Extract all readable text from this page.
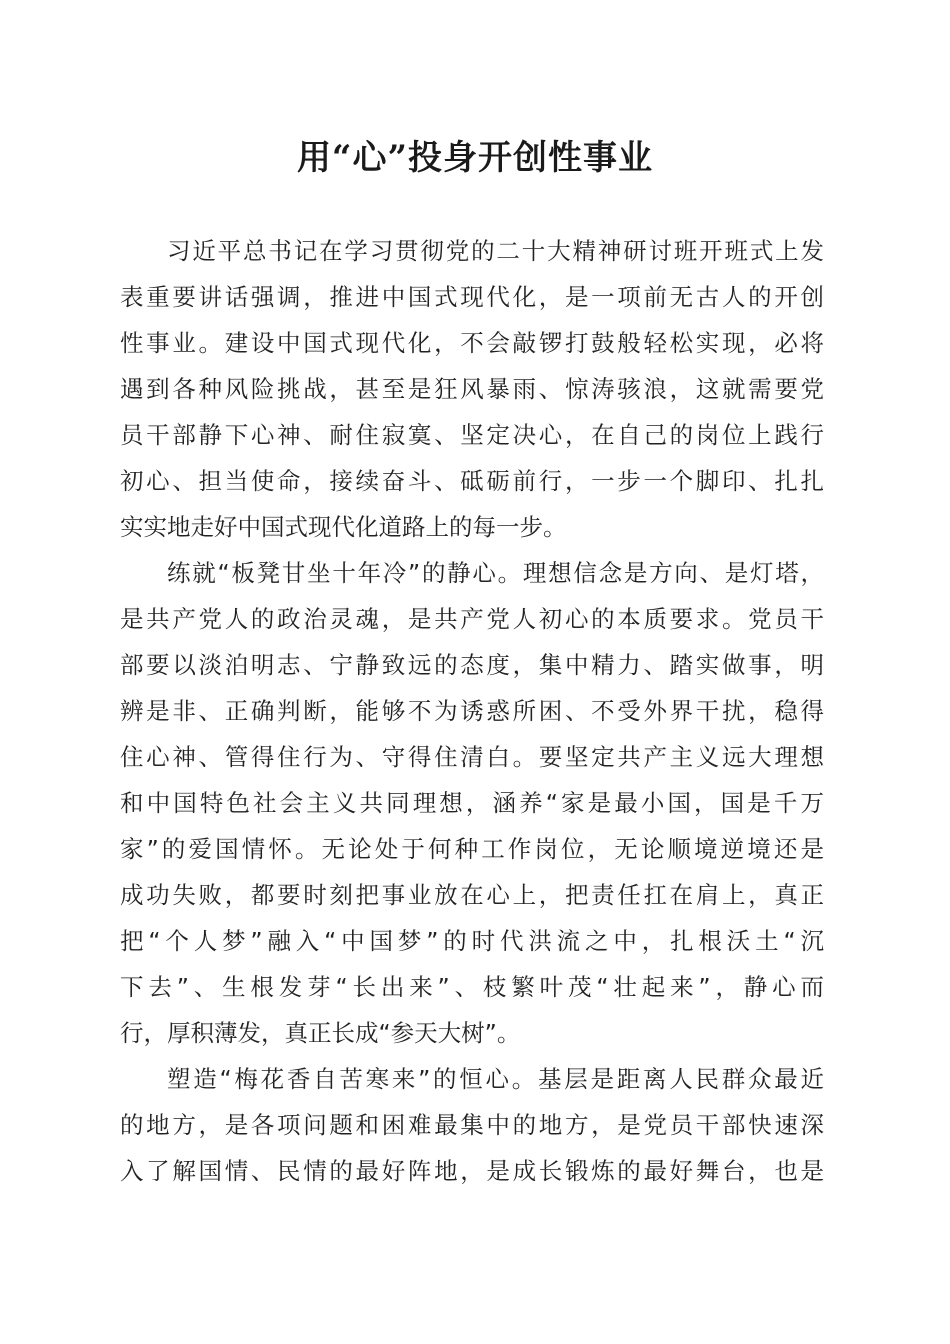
用“心”投身开创性事业
习近平总书记在学习贯彻党的二十大精神研讨班开班式上发
表重要讲话强调，推进中国式现代化，是一项前无古人的开创
性事业。建设中国式现代化，不会敲锣打鼓般轻松实现，必将
遇到各种风险挑战，甚至是狂风暴雨、惊涛骇浪，这就需要党
员干部静下心神、耐住寂寞、坚定决心，在自己的岗位上践行
初心、担当使命，接续奋斗、砥砺前行，一步一个脚印、扎扎
实实地走好中国式现代化道路上的每一步。
练就“板凳甘坐十年冷”的静心。理想信念是方向、是灯塔，
是共产党人的政治灵魂，是共产党人初心的本质要求。党员干
部要以淡泊明志、宁静致远的态度，集中精力、踏实做事，明
辨是非、正确判断，能够不为诱惑所困、不受外界干扰，稳得
住心神、管得住行为、守得住清白。要坚定共产主义远大理想
和中国特色社会主义共同理想，涵养“家是最小国，国是千万
家”的爱国情怀。无论处于何种工作岗位，无论顺境逆境还是
成功失败，都要时刻把事业放在心上，把责任扛在肩上，真正
把“个人梦”融入“中国梦”的时代洪流之中，扎根沃土“沉
下去”、生根发芽“长出来”、枝繁叶茂“壮起来”，静心而
行，厚积薄发，真正长成“参天大树”。
塑造“梅花香自苦寒来”的恒心。基层是距离人民群众最近
的地方，是各项问题和困难最集中的地方，是党员干部快速深
入了解国情、民情的最好阵地，是成长锻炼的最好舞台，也是
